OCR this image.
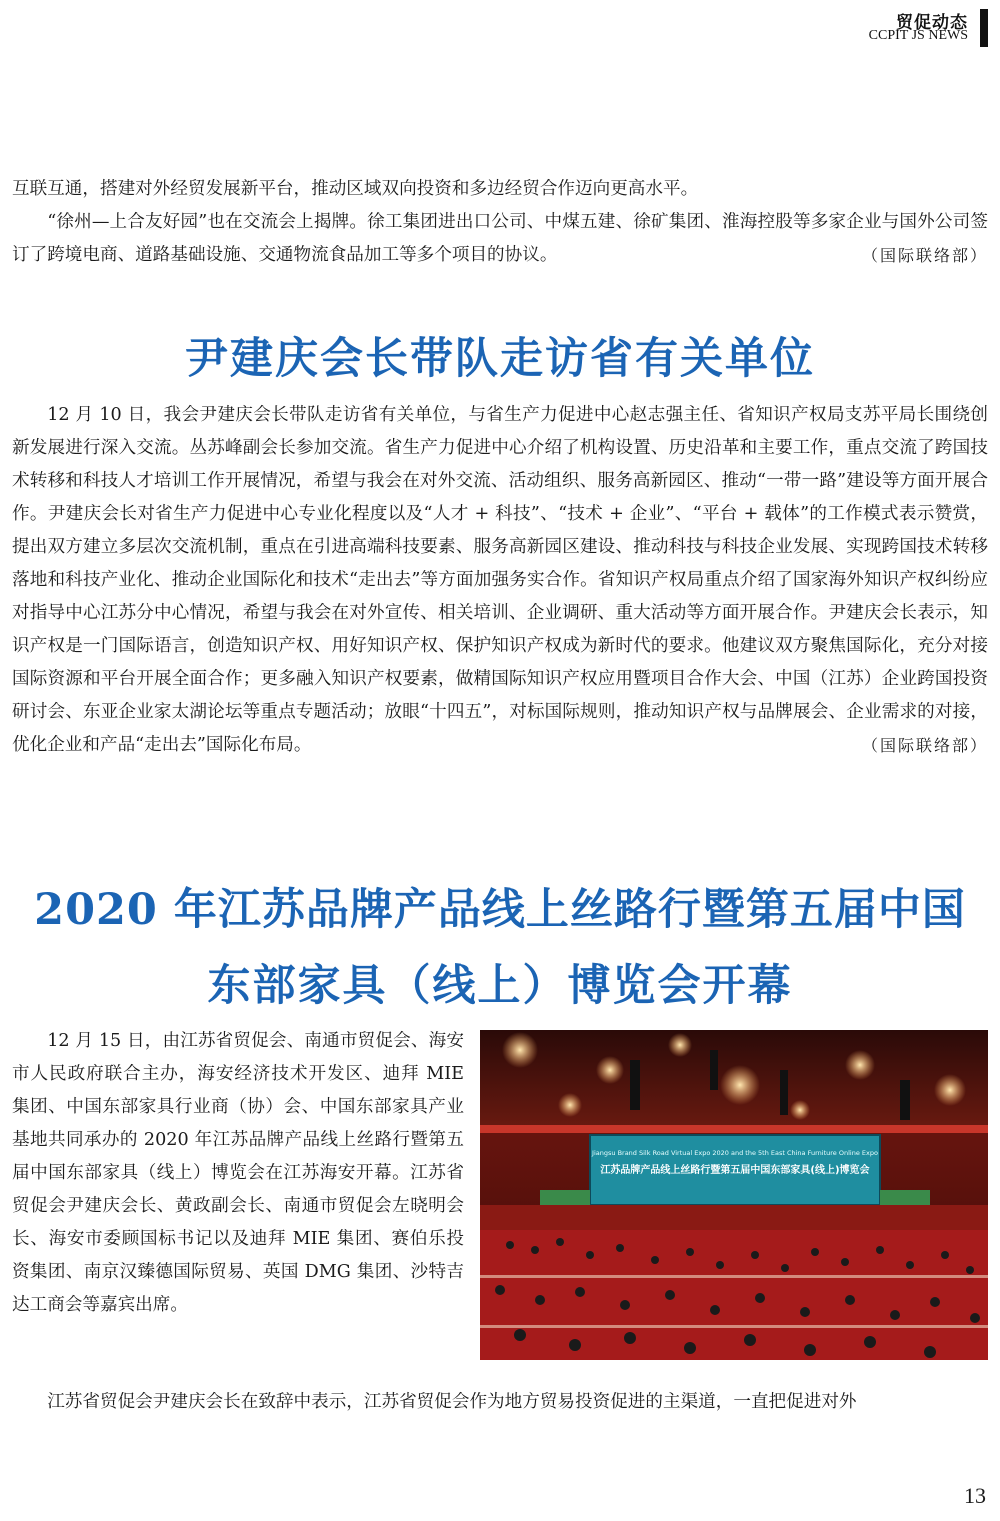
贸促动态
CCPIT JS NEWS

互联互通，搭建对外经贸发展新平台，推动区域双向投资和多边经贸合作迈向更高水平。

“徐州—上合友好园”也在交流会上揭牌。徐工集团进出口公司、中煤五建、徐矿集团、淮海控股等多家企业与国外公司签订了跨境电商、道路基础设施、交通物流食品加工等多个项目的协议。	（国际联络部）

尹建庆会长带队走访省有关单位

12 月 10 日，我会尹建庆会长带队走访省有关单位，与省生产力促进中心赵志强主任、省知识产权局支苏平局长围绕创新发展进行深入交流。丛苏峰副会长参加交流。省生产力促进中心介绍了机构设置、历史沿革和主要工作，重点交流了跨国技术转移和科技人才培训工作开展情况，希望与我会在对外交流、活动组织、服务高新园区、推动“一带一路”建设等方面开展合作。尹建庆会长对省生产力促进中心专业化程度以及“人才 + 科技”、“技术 + 企业”、“平台 + 载体”的工作模式表示赞赏，提出双方建立多层次交流机制，重点在引进高端科技要素、服务高新园区建设、推动科技与科技企业发展、实现跨国技术转移落地和科技产业化、推动企业国际化和技术“走出去”等方面加强务实合作。省知识产权局重点介绍了国家海外知识产权纠纷应对指导中心江苏分中心情况，希望与我会在对外宣传、相关培训、企业调研、重大活动等方面开展合作。尹建庆会长表示，知识产权是一门国际语言，创造知识产权、用好知识产权、保护知识产权成为新时代的要求。他建议双方聚焦国际化，充分对接国际资源和平台开展全面合作；更多融入知识产权要素，做精国际知识产权应用暨项目合作大会、中国（江苏）企业跨国投资研讨会、东亚企业家太湖论坛等重点专题活动；放眼“十四五”，对标国际规则，推动知识产权与品牌展会、企业需求的对接，优化企业和产品“走出去”国际化布局。	（国际联络部）

2020 年江苏品牌产品线上丝路行暨第五届中国
东部家具（线上）博览会开幕

12 月 15 日，由江苏省贸促会、南通市贸促会、海安市人民政府联合主办，海安经济技术开发区、迪拜 MIE 集团、中国东部家具行业商（协）会、中国东部家具产业基地共同承办的 2020 年江苏品牌产品线上丝路行暨第五届中国东部家具（线上）博览会在江苏海安开幕。江苏省贸促会尹建庆会长、黄政副会长、南通市贸促会左晓明会长、海安市委顾国标书记以及迪拜 MIE 集团、赛伯乐投资集团、南京汉臻德国际贸易、英国 DMG 集团、沙特吉达工商会等嘉宾出席。

Jiangsu Brand Silk Road Virtual Expo 2020 and the 5th East China Furniture Online Expo
江苏品牌产品线上丝路行暨第五届中国东部家具(线上)博览会

江苏省贸促会尹建庆会长在致辞中表示，江苏省贸促会作为地方贸易投资促进的主渠道，一直把促进对外

13
